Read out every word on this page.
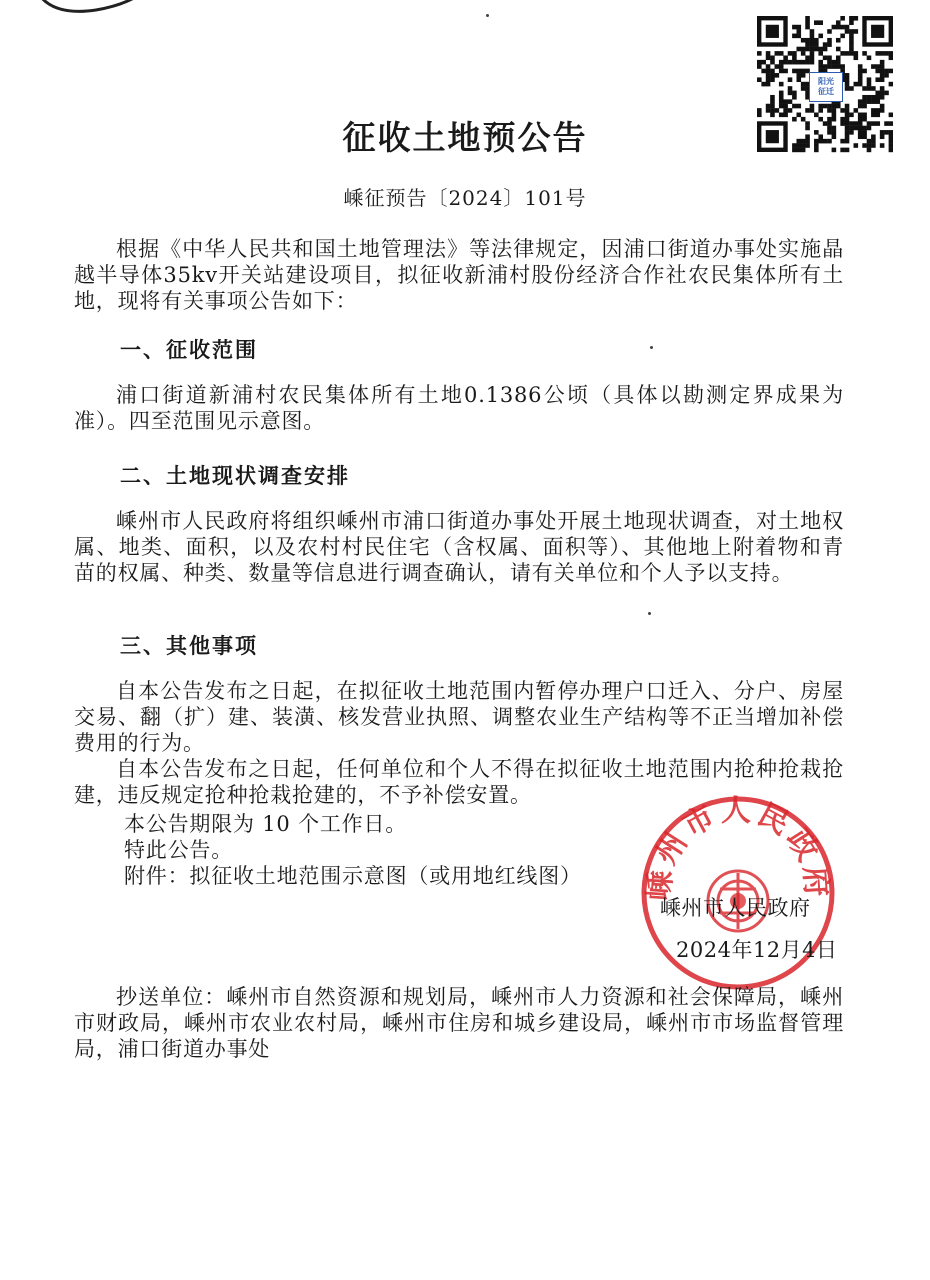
阳光
征迁
征收土地预公告
嵊征预告〔2024〕101号
根据《中华人民共和国土地管理法》等法律规定，因浦口街道办事处实施晶越半导体35kv开关站建设项目，拟征收新浦村股份经济合作社农民集体所有土地，现将有关事项公告如下：
一、征收范围
浦口街道新浦村农民集体所有土地0.1386公顷（具体以勘测定界成果为准）。四至范围见示意图。
二、土地现状调查安排
嵊州市人民政府将组织嵊州市浦口街道办事处开展土地现状调查，对土地权属、地类、面积，以及农村村民住宅（含权属、面积等）、其他地上附着物和青苗的权属、种类、数量等信息进行调查确认，请有关单位和个人予以支持。
三、其他事项
自本公告发布之日起，在拟征收土地范围内暂停办理户口迁入、分户、房屋交易、翻（扩）建、装潢、核发营业执照、调整农业生产结构等不正当增加补偿费用的行为。
自本公告发布之日起，任何单位和个人不得在拟征收土地范围内抢种抢栽抢建，违反规定抢种抢栽抢建的，不予补偿安置。
本公告期限为 10 个工作日。
特此公告。
附件：拟征收土地范围示意图（或用地红线图） 嵊州市人民政府
嵊州市人民政府
2024年12月4日
抄送单位：嵊州市自然资源和规划局，嵊州市人力资源和社会保障局，嵊州市财政局，嵊州市农业农村局，嵊州市住房和城乡建设局，嵊州市市场监督管理局，浦口街道办事处
